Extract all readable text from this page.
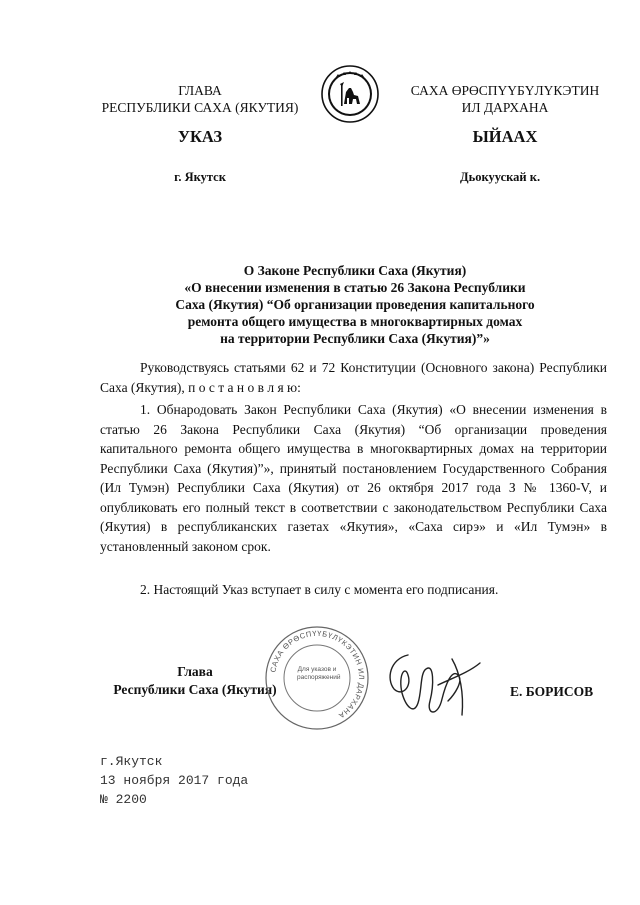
ГЛАВА
РЕСПУБЛИКИ САХА (ЯКУТИЯ)
САХА ӨРӨСПҮҮБҮЛҮКЭТИН
ИЛ ДАРХАНА
УКАЗ	ЫЙААХ
г. Якутск	Дьокуускай к.
О Законе Республики Саха (Якутия)
«О внесении изменения в статью 26 Закона Республики
Саха (Якутия) “Об организации проведения капитального
ремонта общего имущества в многоквартирных домах
на территории Республики Саха (Якутия)”»
Руководствуясь статьями 62 и 72 Конституции (Основного закона) Республики Саха (Якутия), п о с т а н о в л я ю:
1. Обнародовать Закон Республики Саха (Якутия) «О внесении изменения в статью 26 Закона Республики Саха (Якутия) “Об организации проведения капитального ремонта общего имущества в многоквартирных домах на территории Республики Саха (Якутия)”», принятый постановлением Государственного Собрания (Ил Тумэн) Республики Саха (Якутия) от 26 октября 2017 года З № 1360-V, и опубликовать его полный текст в соответствии с законодательством Республики Саха (Якутия) в республиканских газетах «Якутия», «Саха сирэ» и «Ил Тумэн» в установленный законом срок.
2. Настоящий Указ вступает в силу с момента его подписания.
Глава
Республики Саха (Якутия)
САХА ӨРӨСПҮҮБҮЛҮКЭТИН ИЛ ДАРХАНА
Для указов и распоряжений
Е. БОРИСОВ
г.Якутск
13 ноября 2017 года
№ 2200
